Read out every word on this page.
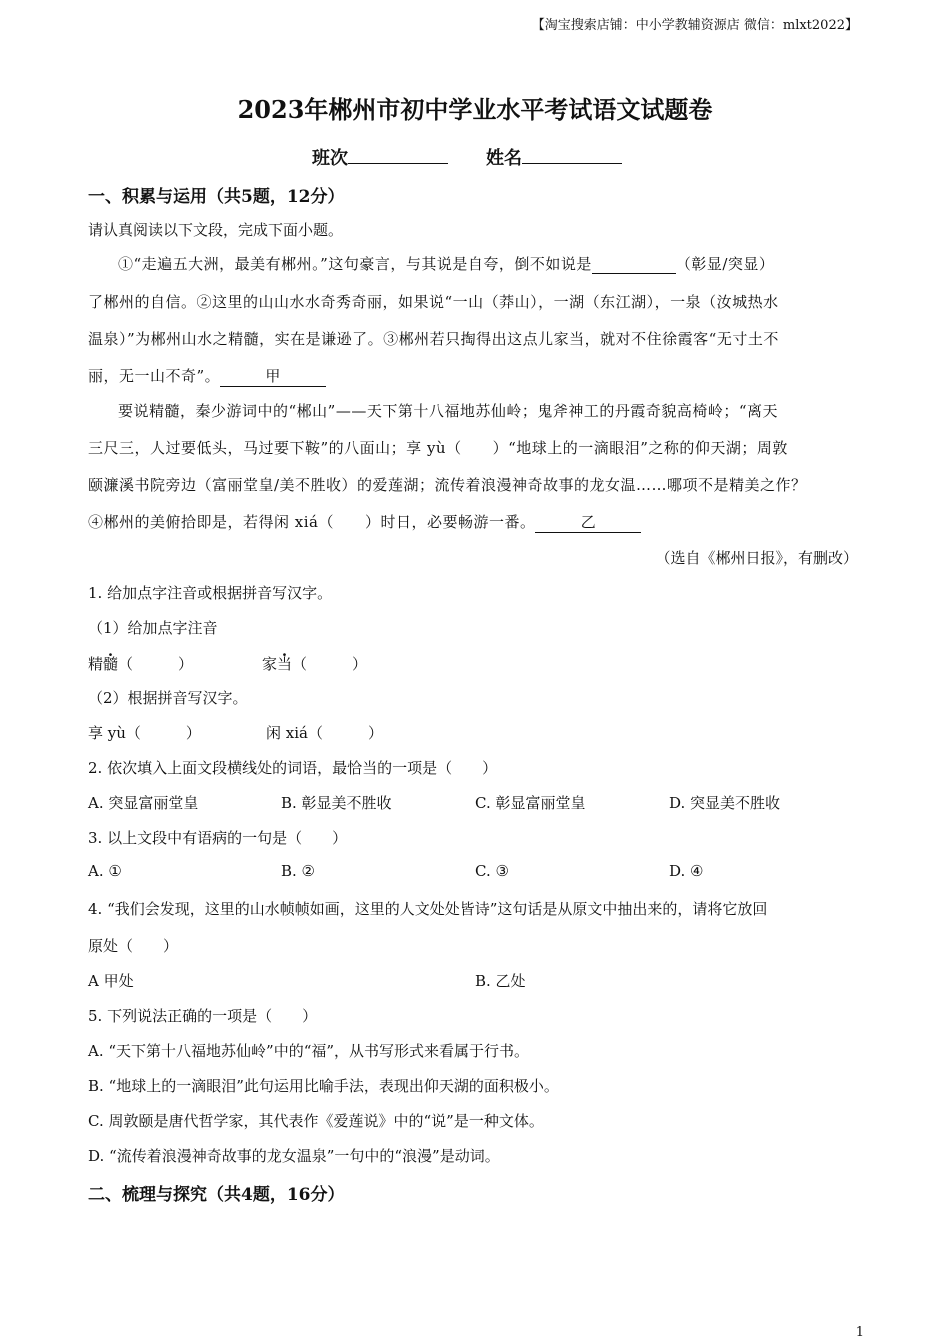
【淘宝搜索店铺：中小学教辅资源店 微信：mlxt2022】
2023年郴州市初中学业水平考试语文试题卷
班次	姓名
一、积累与运用（共5题，12分）
请认真阅读以下文段，完成下面小题。
①“走遍五大洲，最美有郴州。”这句豪言，与其说是自夸，倒不如说是	（彰显/突显）
了郴州的自信。②这里的山山水水奇秀奇丽，如果说“一山（莽山），一湖（东江湖），一泉（汝城热水
温泉）”为郴州山水之精髓，实在是谦逊了。③郴州若只掏得出这点儿家当，就对不住徐霞客“无寸土不
丽，无一山不奇”。	甲
要说精髓，秦少游词中的“郴山”——天下第十八福地苏仙岭；鬼斧神工的丹霞奇貌高椅岭；“离天
三尺三，人过要低头，马过要下鞍”的八面山；享 yù（　　）“地球上的一滴眼泪”之称的仰天湖；周敦
颐濂溪书院旁边（富丽堂皇/美不胜收）的爱莲湖；流传着浪漫神奇故事的龙女温……哪项不是精美之作？
④郴州的美俯拾即是，若得闲 xiá（　　）时日，必要畅游一番。	乙
（选自《郴州日报》，有删改）
1. 给加点字注音或根据拼音写汉字。
（1）给加点字注音
精髓（　　　）	家当（　　　）
（2）根据拼音写汉字。
享 yù（　　　）	闲 xiá（　　　）
2. 依次填入上面文段横线处的词语，最恰当的一项是（　　）
A. 突显富丽堂皇	B. 彰显美不胜收	C. 彰显富丽堂皇	D. 突显美不胜收
3. 以上文段中有语病的一句是（　　）
A. ①	B. ②	C. ③	D. ④
4. “我们会发现，这里的山水帧帧如画，这里的人文处处皆诗”这句话是从原文中抽出来的，请将它放回
原处（　　）
A 甲处	B. 乙处
5. 下列说法正确的一项是（　　）
A. “天下第十八福地苏仙岭”中的“福”，从书写形式来看属于行书。
B. “地球上的一滴眼泪”此句运用比喻手法，表现出仰天湖的面积极小。
C. 周敦颐是唐代哲学家，其代表作《爱莲说》中的“说”是一种文体。
D. “流传着浪漫神奇故事的龙女温泉”一句中的“浪漫”是动词。
二、梳理与探究（共4题，16分）
1
